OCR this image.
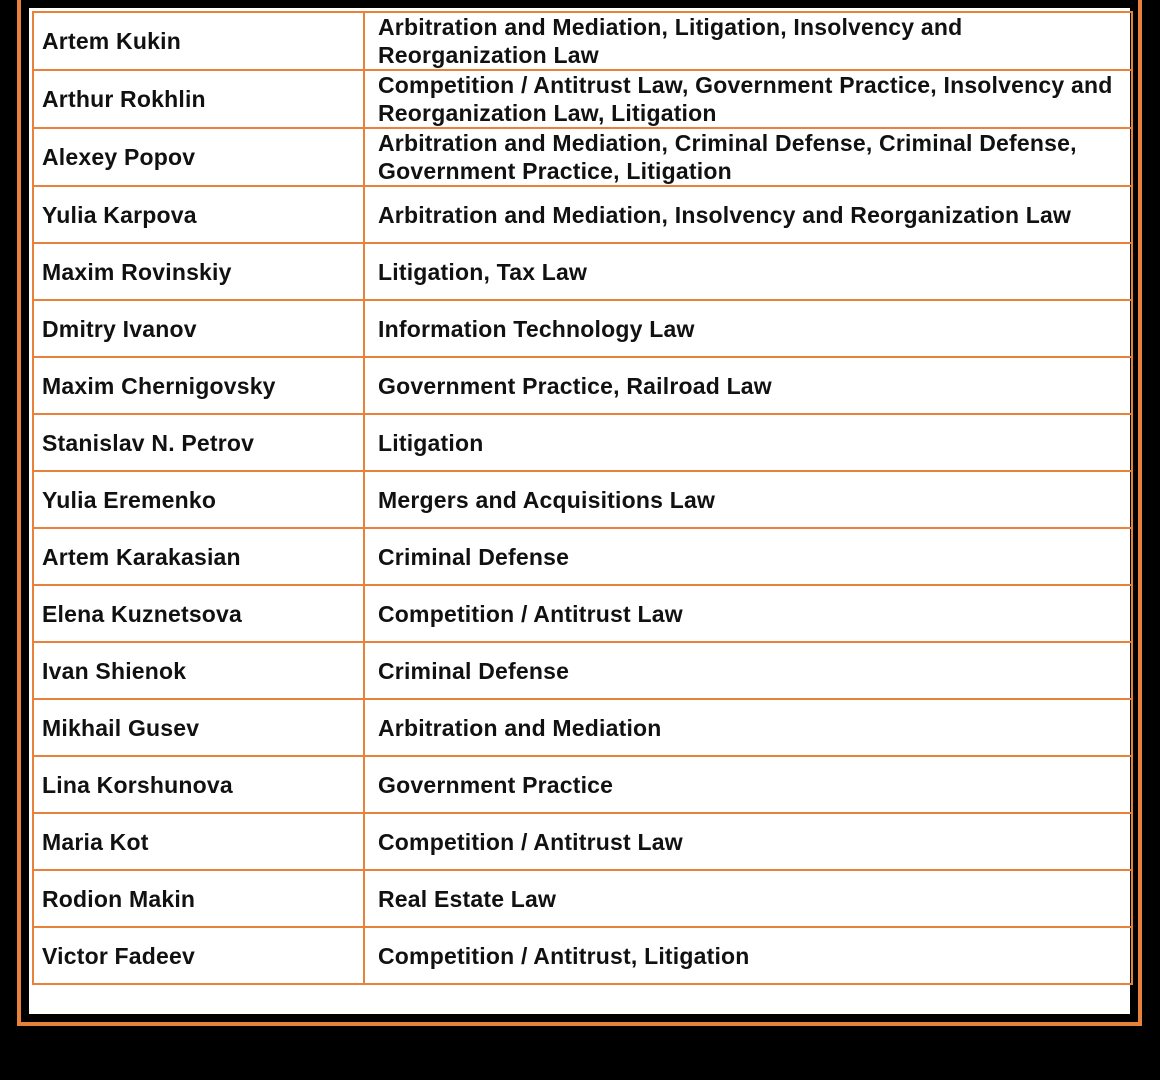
Artem Kukin	Arbitration and Mediation, Litigation, Insolvency and Reorganization Law
Arthur Rokhlin	Competition / Antitrust Law, Government Practice, Insolvency and Reorganization Law, Litigation
Alexey Popov	Arbitration and Mediation, Criminal Defense, Criminal Defense, Government Practice, Litigation
Yulia Karpova	Arbitration and Mediation, Insolvency and Reorganization Law
Maxim Rovinskiy	Litigation, Tax Law
Dmitry Ivanov	Information Technology Law
Maxim Chernigovsky	Government Practice, Railroad Law
Stanislav N. Petrov	Litigation
Yulia Eremenko	Mergers and Acquisitions Law
Artem Karakasian	Criminal Defense
Elena Kuznetsova	Competition / Antitrust Law
Ivan Shienok	Criminal Defense
Mikhail Gusev	Arbitration and Mediation
Lina Korshunova	Government Practice
Maria Kot	Competition / Antitrust Law
Rodion Makin	Real Estate Law
Victor Fadeev	Competition / Antitrust, Litigation
